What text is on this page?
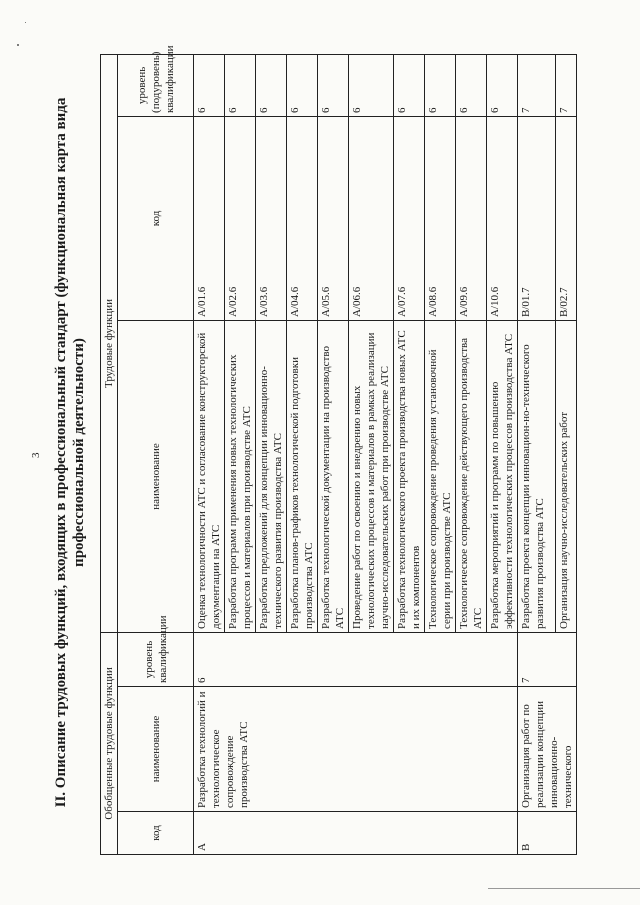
3 II. Описание трудовых функций, входящих в профессиональный стандарт (функциональная карта вида профессиональной деятельности)
Обобщенные трудовые функции			Трудовые функции		
код	наименование	уровень квалификации	наименование	код	уровень (подуровень) квалификации
A	Разработка технологий и технологическое сопровождение производства АТС	6	Оценка технологичности АТС и согласование конструкторской документации на АТС	A/01.6	6
			Разработка программ применения новых технологических процессов и материалов при производстве АТС	A/02.6	6
			Разработка предложений для концепции инновационно-технического развития производства АТС	A/03.6	6
			Разработка планов-графиков технологической подготовки производства АТС	A/04.6	6
			Разработка технологической документации на производство АТС	A/05.6	6
			Проведение работ по освоению и внедрению новых технологических процессов и материалов в рамках реализации научно-исследовательских работ при производстве АТС	A/06.6	6
			Разработка технологического проекта производства новых АТС и их компонентов	A/07.6	6
			Технологическое сопровождение проведения установочной серии при производстве АТС	A/08.6	6
			Технологическое сопровождение действующего производства АТС	A/09.6	6
			Разработка мероприятий и программ по повышению эффективности технологических процессов производства АТС	A/10.6	6
B	Организация работ по реализации концепции инновационно-технического	7	Разработка проекта концепции инновацион-но-технического развития производства АТС	B/01.7	7
			Организация научно-исследовательских работ	B/02.7	7
